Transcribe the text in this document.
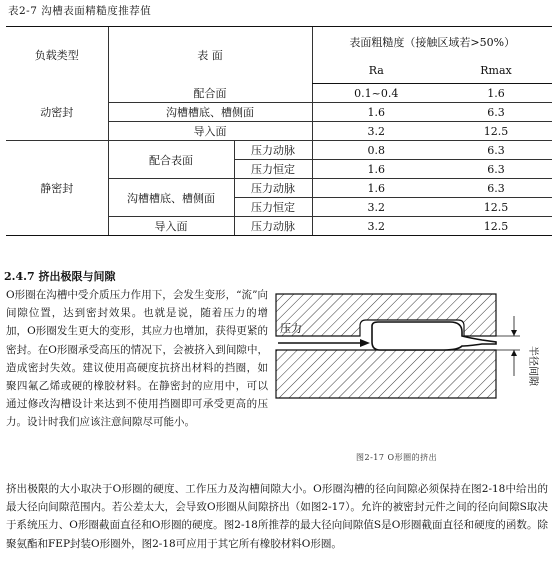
表2-7 沟槽表面精糙度推荐值
负载类型	表 面		表面粗糙度（接触区域若>50%）	
			Ra	Rmax
动密封	配合面		0.1~0.4	1.6
	沟槽槽底、槽侧面		1.6	6.3
	导入面		3.2	12.5
静密封	配合表面	压力动脉	0.8	6.3
		压力恒定	1.6	6.3
	沟槽槽底、槽侧面	压力动脉	1.6	6.3
		压力恒定	3.2	12.5
	导入面	压力动脉	3.2	12.5
2.4.7 挤出极限与间隙

O形圈在沟槽中受介质压力作用下，会发生变形，“流”向间隙位置，达到密封效果。也就是说，随着压力的增加，O形圈发生更大的变形，其应力也增加，获得更紧的密封。在O形圈承受高压的情况下，会被挤入到间隙中，造成密封失效。建议使用高硬度抗挤出材料的挡圈，如聚四氟乙烯或硬的橡胶材料。在静密封的应用中，可以通过修改沟槽设计来达到不使用挡圈即可承受更高的压力。设计时我们应该注意间隙尽可能小。

压力
半径间隙
图2-17 O形圈的挤出

挤出极限的大小取决于O形圈的硬度、工作压力及沟槽间隙大小。O形圈沟槽的径向间隙必须保持在图2-18中给出的最大径向间隙范围内。若公差太大，会导致O形圈从间隙挤出（如图2-17）。允许的被密封元件之间的径向间隙S取决于系统压力、O形圈截面直径和O形圈的硬度。图2-18所推荐的最大径向间隙值S是O形圈截面直径和硬度的函数。除聚氨酯和FEP封装O形圈外，图2-18可应用于其它所有橡胶材料O形圈。
